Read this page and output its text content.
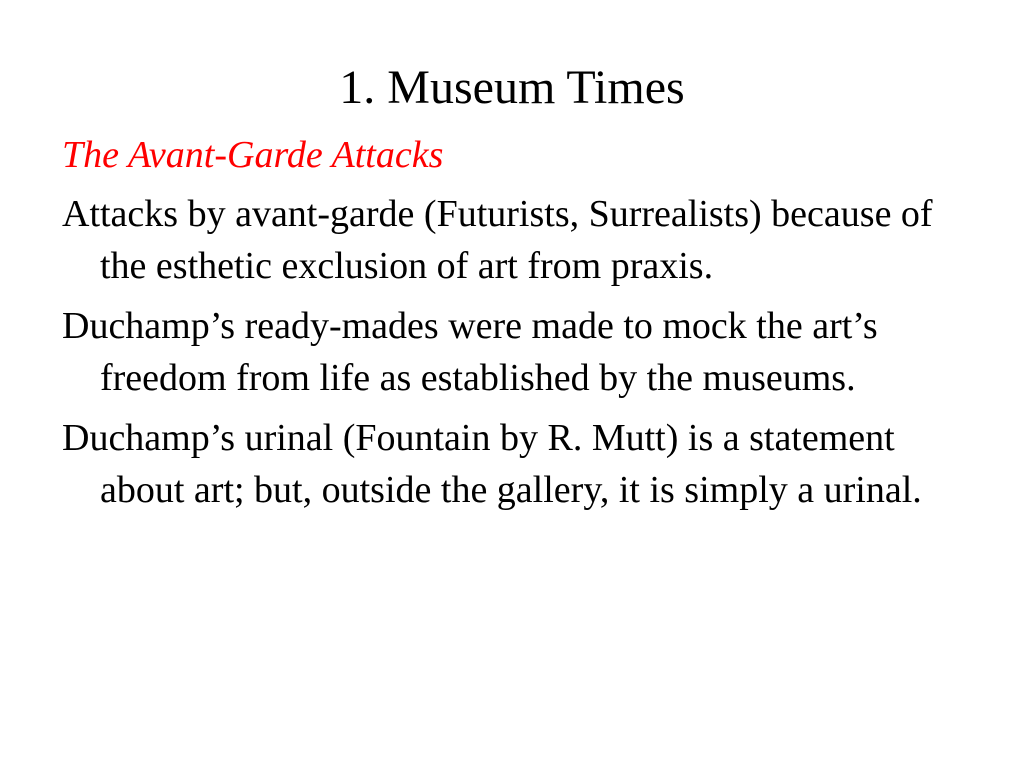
1. Museum Times

The Avant-Garde Attacks

Attacks by avant-garde (Futurists, Surrealists) because of the esthetic exclusion of art from praxis.

Duchamp’s ready-mades were made to mock the art’s freedom from life as established by the museums.

Duchamp’s urinal (Fountain by R. Mutt) is a statement about art; but, outside the gallery, it is simply a urinal.
